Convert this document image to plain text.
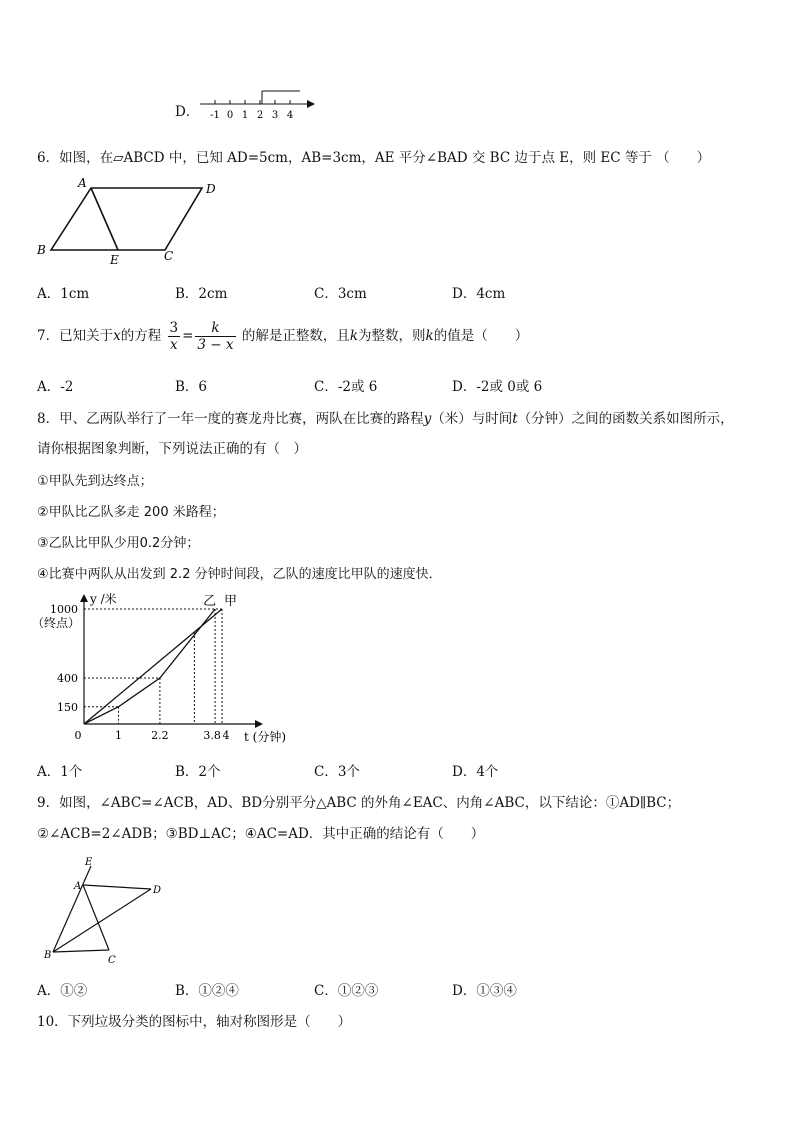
D． -1 0 1 2 3 4
6．如图，在▱ABCD 中，已知 AD=5cm，AB=3cm，AE 平分∠BAD 交 BC 边于点 E，则 EC 等于 （　　）
A	D
B
E	C
A．1cm	B．2cm	C．3cm	D．4cm
7．已知关于x的方程 $\frac{3}{x} = \frac{k}{3 - x}$ 的解是正整数，且k为整数，则k的值是（　　）
A．-2	B．6	C．-2或 6	D．-2或 0或 6
8．甲、乙两队举行了一年一度的赛龙舟比赛，两队在比赛的路程y（米）与时间t（分钟）之间的函数关系如图所示，
请你根据图象判断，下列说法正确的有（　）
①甲队先到达终点；
②甲队比乙队多走 200 米路程；
③乙队比甲队少用0.2分钟；
④比赛中两队从出发到 2.2 分钟时间段，乙队的速度比甲队的速度快．
甲
乙
0	1	2.2	3.8 4
150
400
1000
y /米
（终点）
t (分钟)
A．1个	B．2个	C．3个	D．4个
9．如图，∠ABC=∠ACB，AD、BD分别平分△ABC 的外角∠EAC、内角∠ABC，以下结论：①AD∥BC；
②∠ACB=2∠ADB；③BD⊥AC；④AC=AD．其中正确的结论有（　　）
E
A	D
B	C
A．①②	B．①②④	C．①②③	D．①③④
10．下列垃圾分类的图标中，轴对称图形是（　　）
